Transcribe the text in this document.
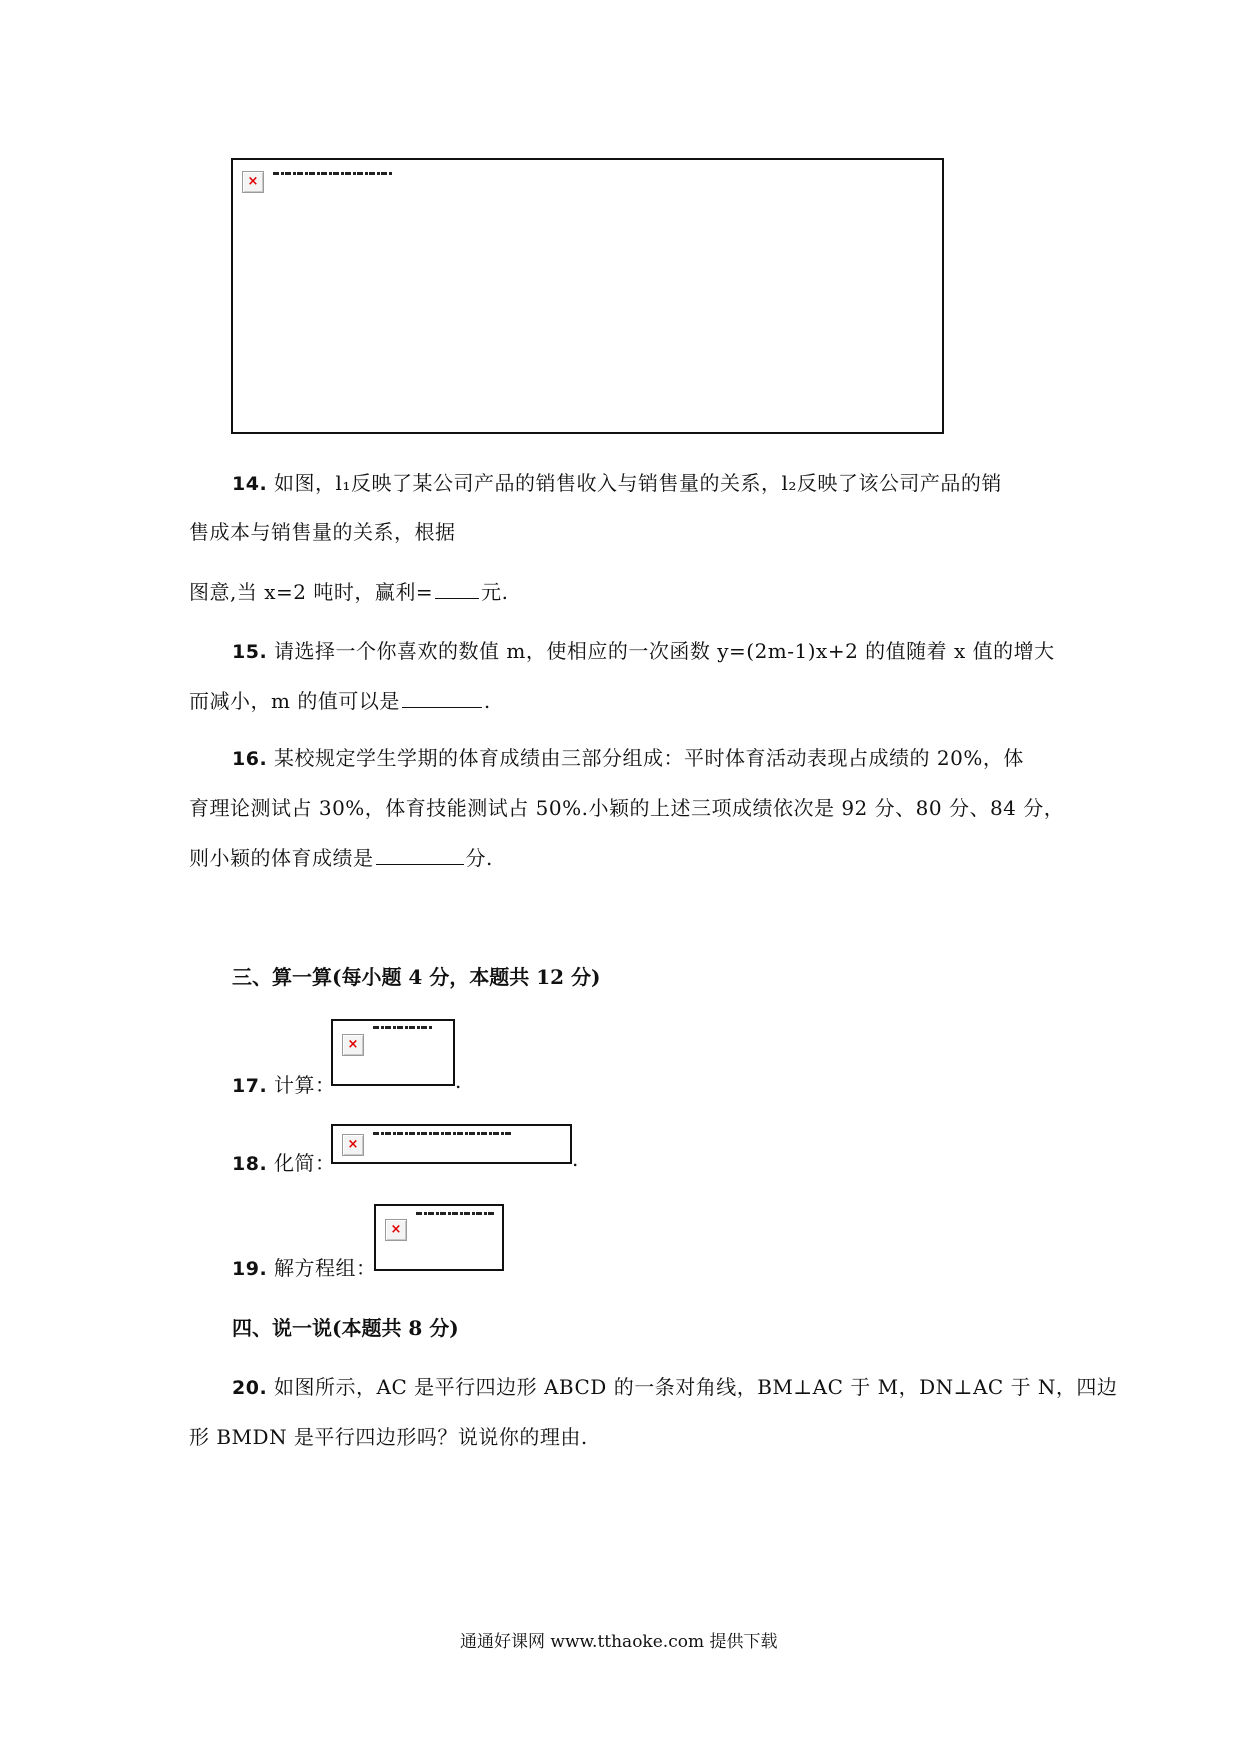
×
14. 如图，l₁反映了某公司产品的销售收入与销售量的关系，l₂反映了该公司产品的销
售成本与销售量的关系，根据
图意,当 x=2 吨时，赢利= 元.
15. 请选择一个你喜欢的数值 m，使相应的一次函数 y=(2m-1)x+2 的值随着 x 值的增大
而减小，m 的值可以是	.
16. 某校规定学生学期的体育成绩由三部分组成：平时体育活动表现占成绩的 20%，体
育理论测试占 30%，体育技能测试占 50%.小颖的上述三项成绩依次是 92 分、80 分、84 分，
则小颖的体育成绩是	分.
三、算一算(每小题 4 分，本题共 12 分)
×
17. 计算：	.
×
18. 化简：	.
×
19. 解方程组：
四、说一说(本题共 8 分)
20. 如图所示，AC 是平行四边形 ABCD 的一条对角线，BM⊥AC 于 M，DN⊥AC 于 N，四边
形 BMDN 是平行四边形吗？说说你的理由.
通通好课网 www.tthaoke.com 提供下载
